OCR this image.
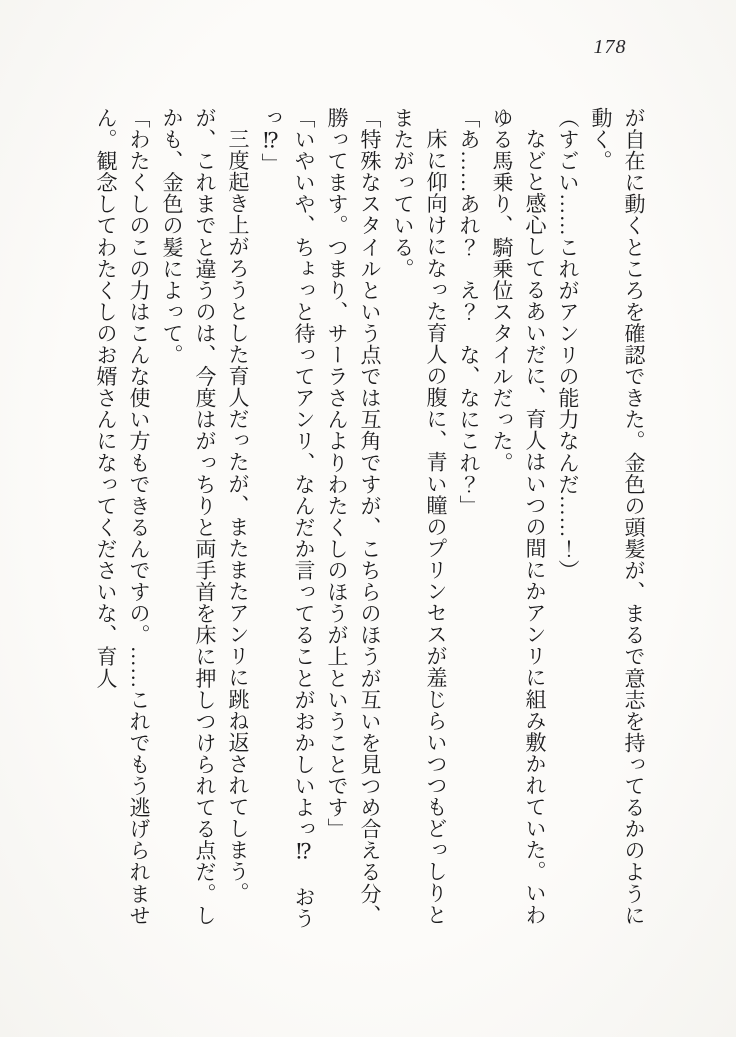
178

が自在に動くところを確認できた。金色の頭髪が、まるで意志を持ってるかのように動く。

（すごい……これがアンリの能力なんだ……！）

などと感心してるあいだに、育人はいつの間にかアンリに組み敷かれていた。いわゆる馬乗り、騎乗位スタイルだった。

「あ……あれ？　え？　な、なにこれ？」

床に仰向けになった育人の腹に、青い瞳のプリンセスが羞じらいつつもどっしりとまたがっている。

「特殊なスタイルという点では互角ですが、こちらのほうが互いを見つめ合える分、勝ってます。つまり、サーラさんよりわたくしのほうが上ということです」

「いやいや、ちょっと待ってアンリ、なんだか言ってることがおかしいよっ⁉　おうっ⁉」

三度起き上がろうとした育人だったが、またまたアンリに跳ね返されてしまう。が、これまでと違うのは、今度はがっちりと両手首を床に押しつけられてる点だ。しかも、金色の髪によって。

「わたくしのこの力はこんな使い方もできるんですの。……これでもう逃げられません。観念してわたくしのお婿さんになってくださいな、育人
